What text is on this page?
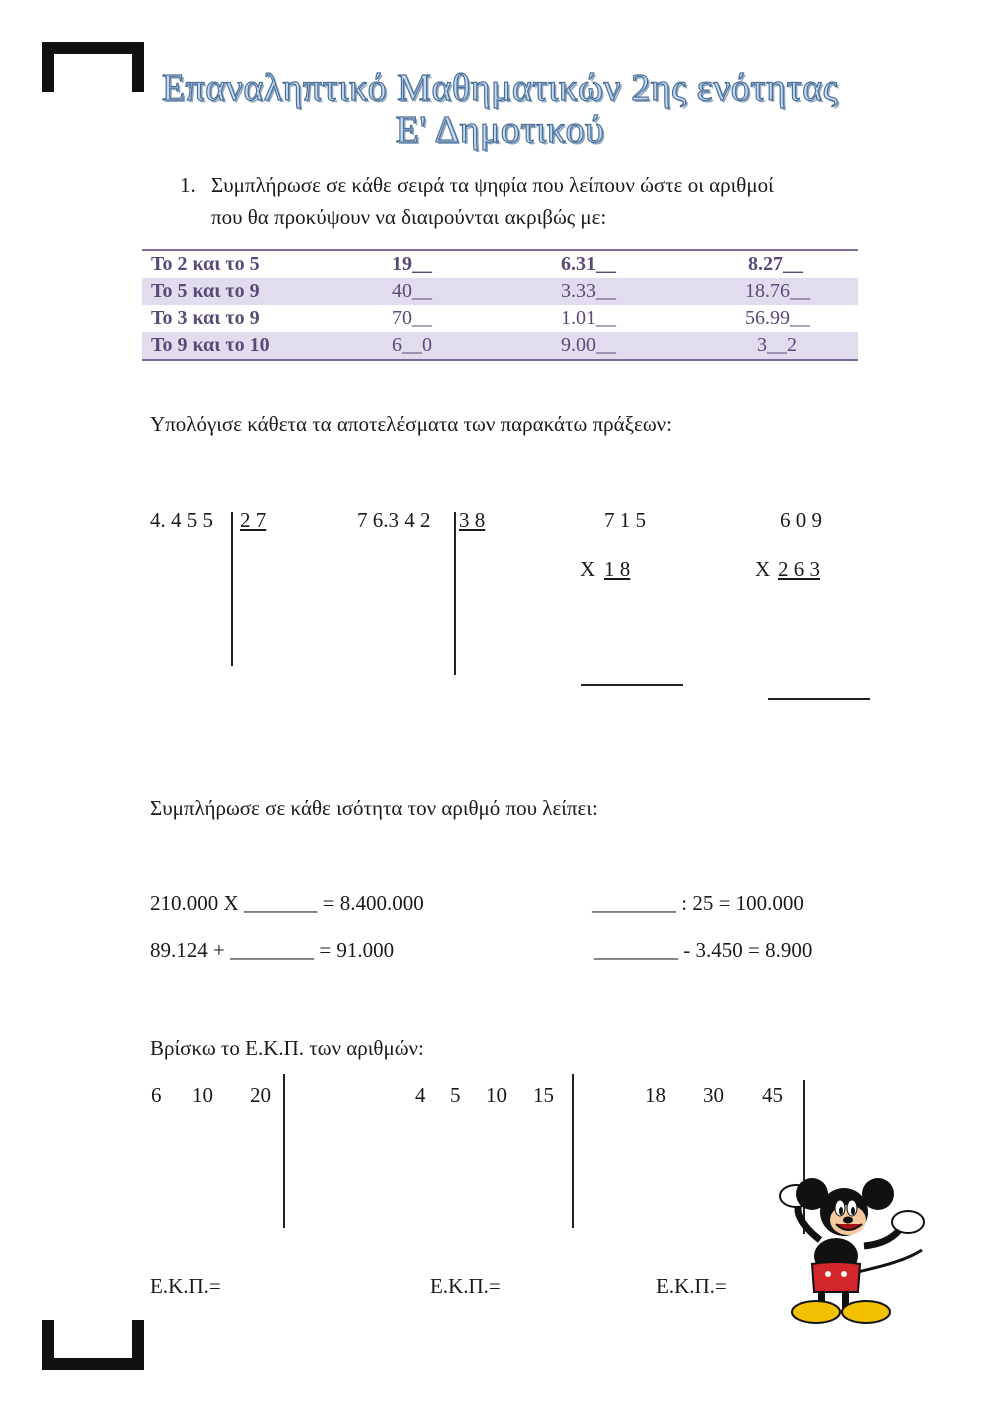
Επαναληπτικό Μαθηματικών 2ης ενότητας
Ε' Δημοτικού
1. Συμπλήρωσε σε κάθε σειρά τα ψηφία που λείπουν ώστε οι αριθμοί
που θα προκύψουν να διαιρούνται ακριβώς με:
Το 2 και το 5	19__	6.31__	8.27__
Το 5 και το 9	40__	3.33__	18.76__
Το 3 και το 9	70__	1.01__	56.99__
Το 9 και το 10	6__0	9.00__	3__2
Υπολόγισε κάθετα τα αποτελέσματα των παρακάτω πράξεων:
4. 4 5 5 2 7	7 6.3 4 2 3 8	7 1 5
Χ 1 8
6 0 9
Χ 2 6 3
Συμπλήρωσε σε κάθε ισότητα τον αριθμό που λείπει:
210.000 Χ _______ = 8.400.000	________ : 25 = 100.000
89.124 + ________ = 91.000	________ - 3.450 = 8.900
Βρίσκω το Ε.Κ.Π. των αριθμών:
6 10 20	4 5 10 15	18 30 45
Ε.Κ.Π.=	Ε.Κ.Π.=	Ε.Κ.Π.=
